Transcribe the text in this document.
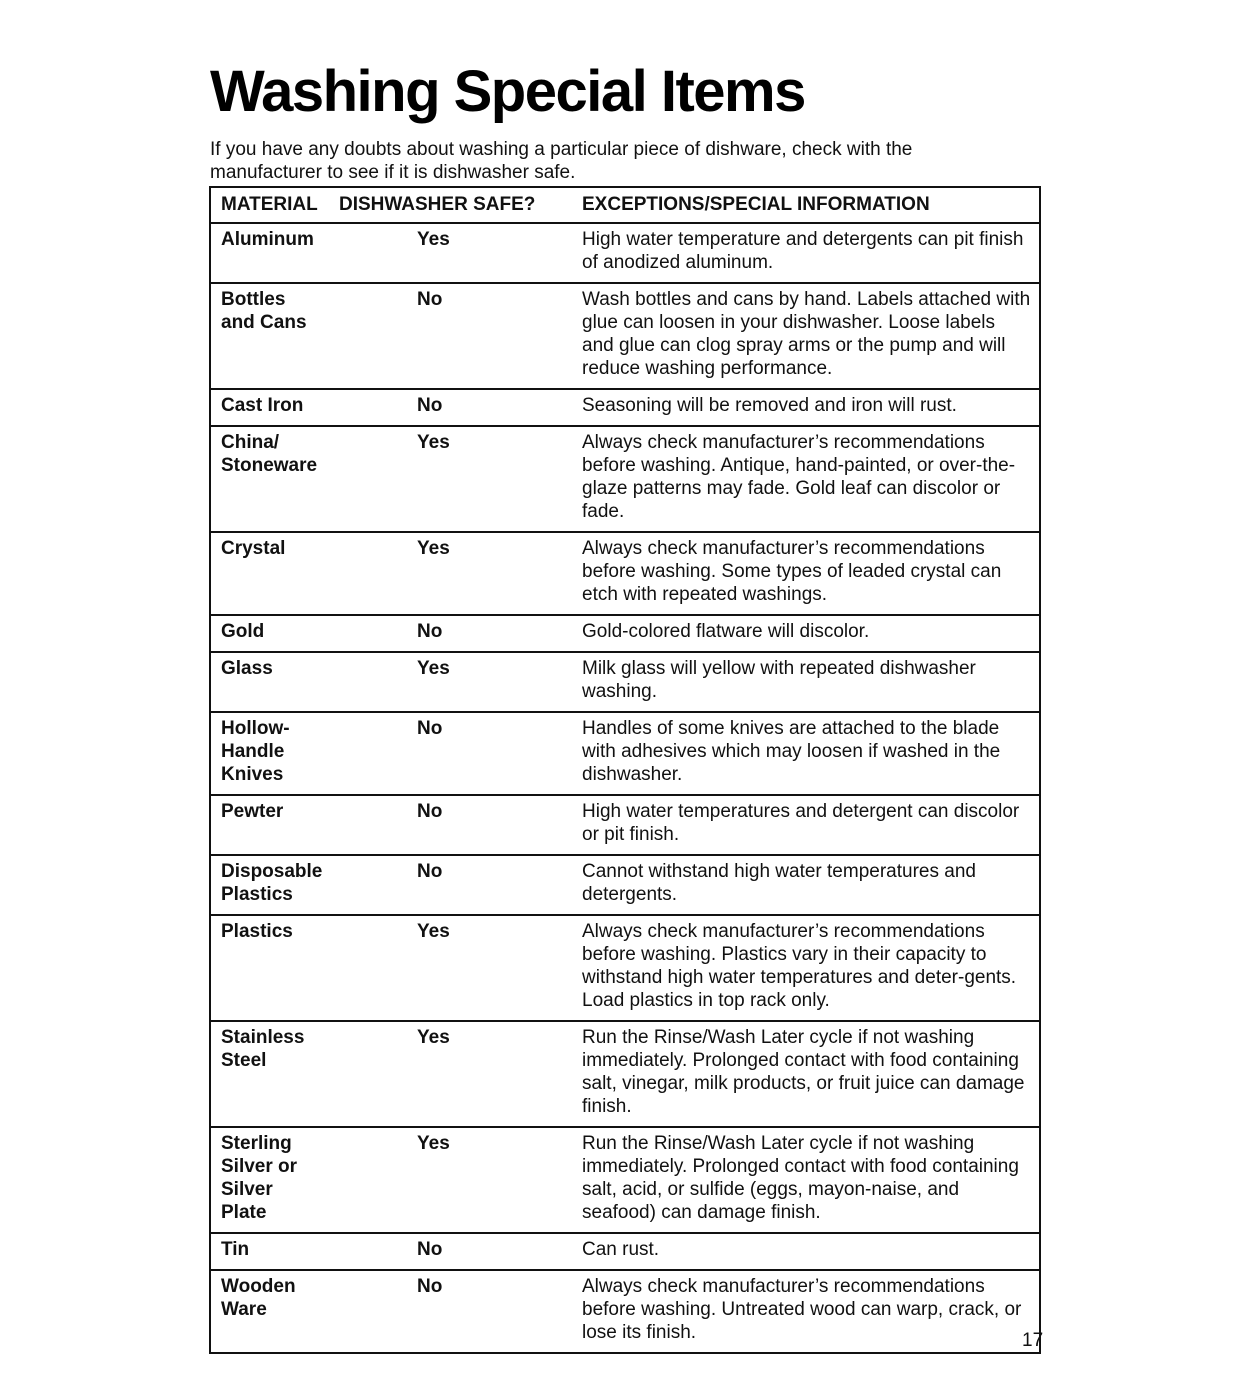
Washing Special Items

If you have any doubts about washing a particular piece of dishware, check with the manufacturer to see if it is dishwasher safe.

MATERIAL	DISHWASHER SAFE?	EXCEPTIONS/SPECIAL INFORMATION
Aluminum	Yes	High water temperature and detergents can pit finish of anodized aluminum.
Bottles
and Cans	No	Wash bottles and cans by hand. Labels attached with glue can loosen in your dishwasher. Loose labels and glue can clog spray arms or the pump and will reduce washing performance.
Cast Iron	No	Seasoning will be removed and iron will rust.
China/
Stoneware	Yes	Always check manufacturer’s recommendations before washing. Antique, hand-painted, or over-the-glaze patterns may fade. Gold leaf can discolor or fade.
Crystal	Yes	Always check manufacturer’s recommendations before washing. Some types of leaded crystal can etch with repeated washings.
Gold	No	Gold-colored flatware will discolor.
Glass	Yes	Milk glass will yellow with repeated dishwasher washing.
Hollow-
Handle
Knives	No	Handles of some knives are attached to the blade with adhesives which may loosen if washed in the dishwasher.
Pewter	No	High water temperatures and detergent can discolor or pit finish.
Disposable
Plastics	No	Cannot withstand high water temperatures and detergents.
Plastics	Yes	Always check manufacturer’s recommendations before washing. Plastics vary in their capacity to withstand high water temperatures and deter-gents. Load plastics in top rack only.
Stainless
Steel	Yes	Run the Rinse/Wash Later cycle if not washing immediately. Prolonged contact with food containing salt, vinegar, milk products, or fruit juice can damage finish.
Sterling
Silver or
Silver Plate	Yes	Run the Rinse/Wash Later cycle if not washing immediately. Prolonged contact with food containing salt, acid, or sulfide (eggs, mayon-naise, and seafood) can damage finish.
Tin	No	Can rust.
Wooden
Ware	No	Always check manufacturer’s recommendations before washing. Untreated wood can warp, crack, or lose its finish.	17
